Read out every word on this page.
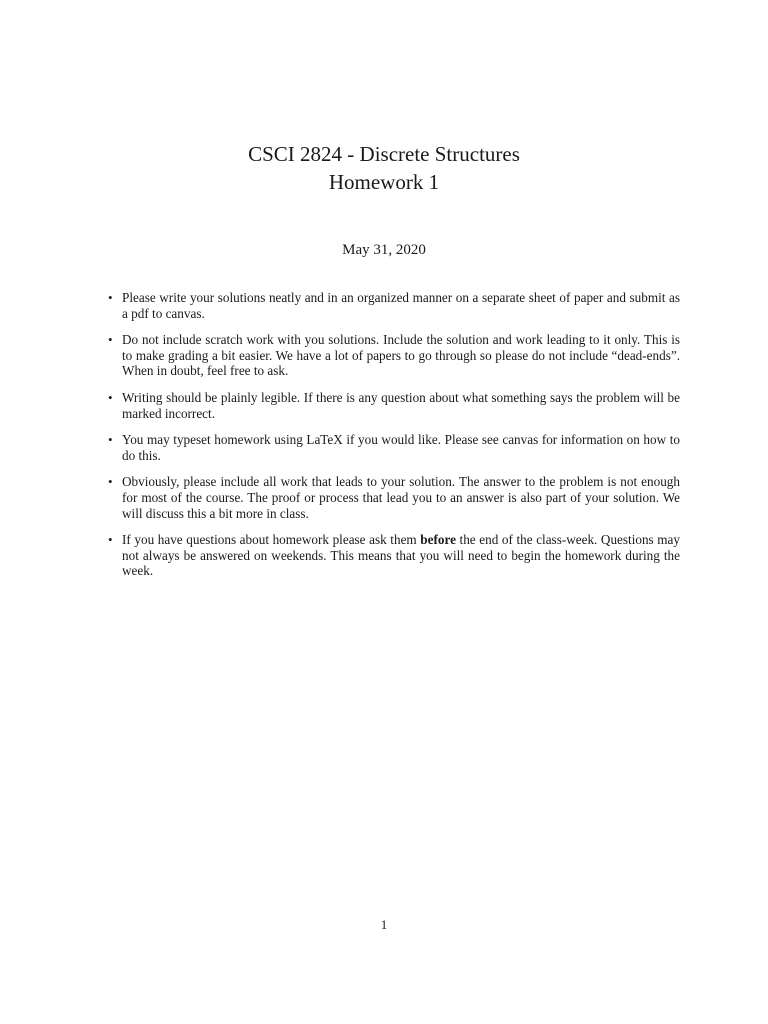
CSCI 2824 - Discrete Structures
Homework 1
May 31, 2020
• Please write your solutions neatly and in an organized manner on a separate sheet of paper and submit as a pdf to canvas.
• Do not include scratch work with you solutions. Include the solution and work leading to it only. This is to make grading a bit easier. We have a lot of papers to go through so please do not include “dead-ends”. When in doubt, feel free to ask.
• Writing should be plainly legible. If there is any question about what something says the problem will be marked incorrect.
• You may typeset homework using LaTeX if you would like. Please see canvas for information on how to do this.
• Obviously, please include all work that leads to your solution. The answer to the problem is not enough for most of the course. The proof or process that lead you to an answer is also part of your solution. We will discuss this a bit more in class.
• If you have questions about homework please ask them before the end of the class-week. Questions may not always be answered on weekends. This means that you will need to begin the homework during the week.
1
